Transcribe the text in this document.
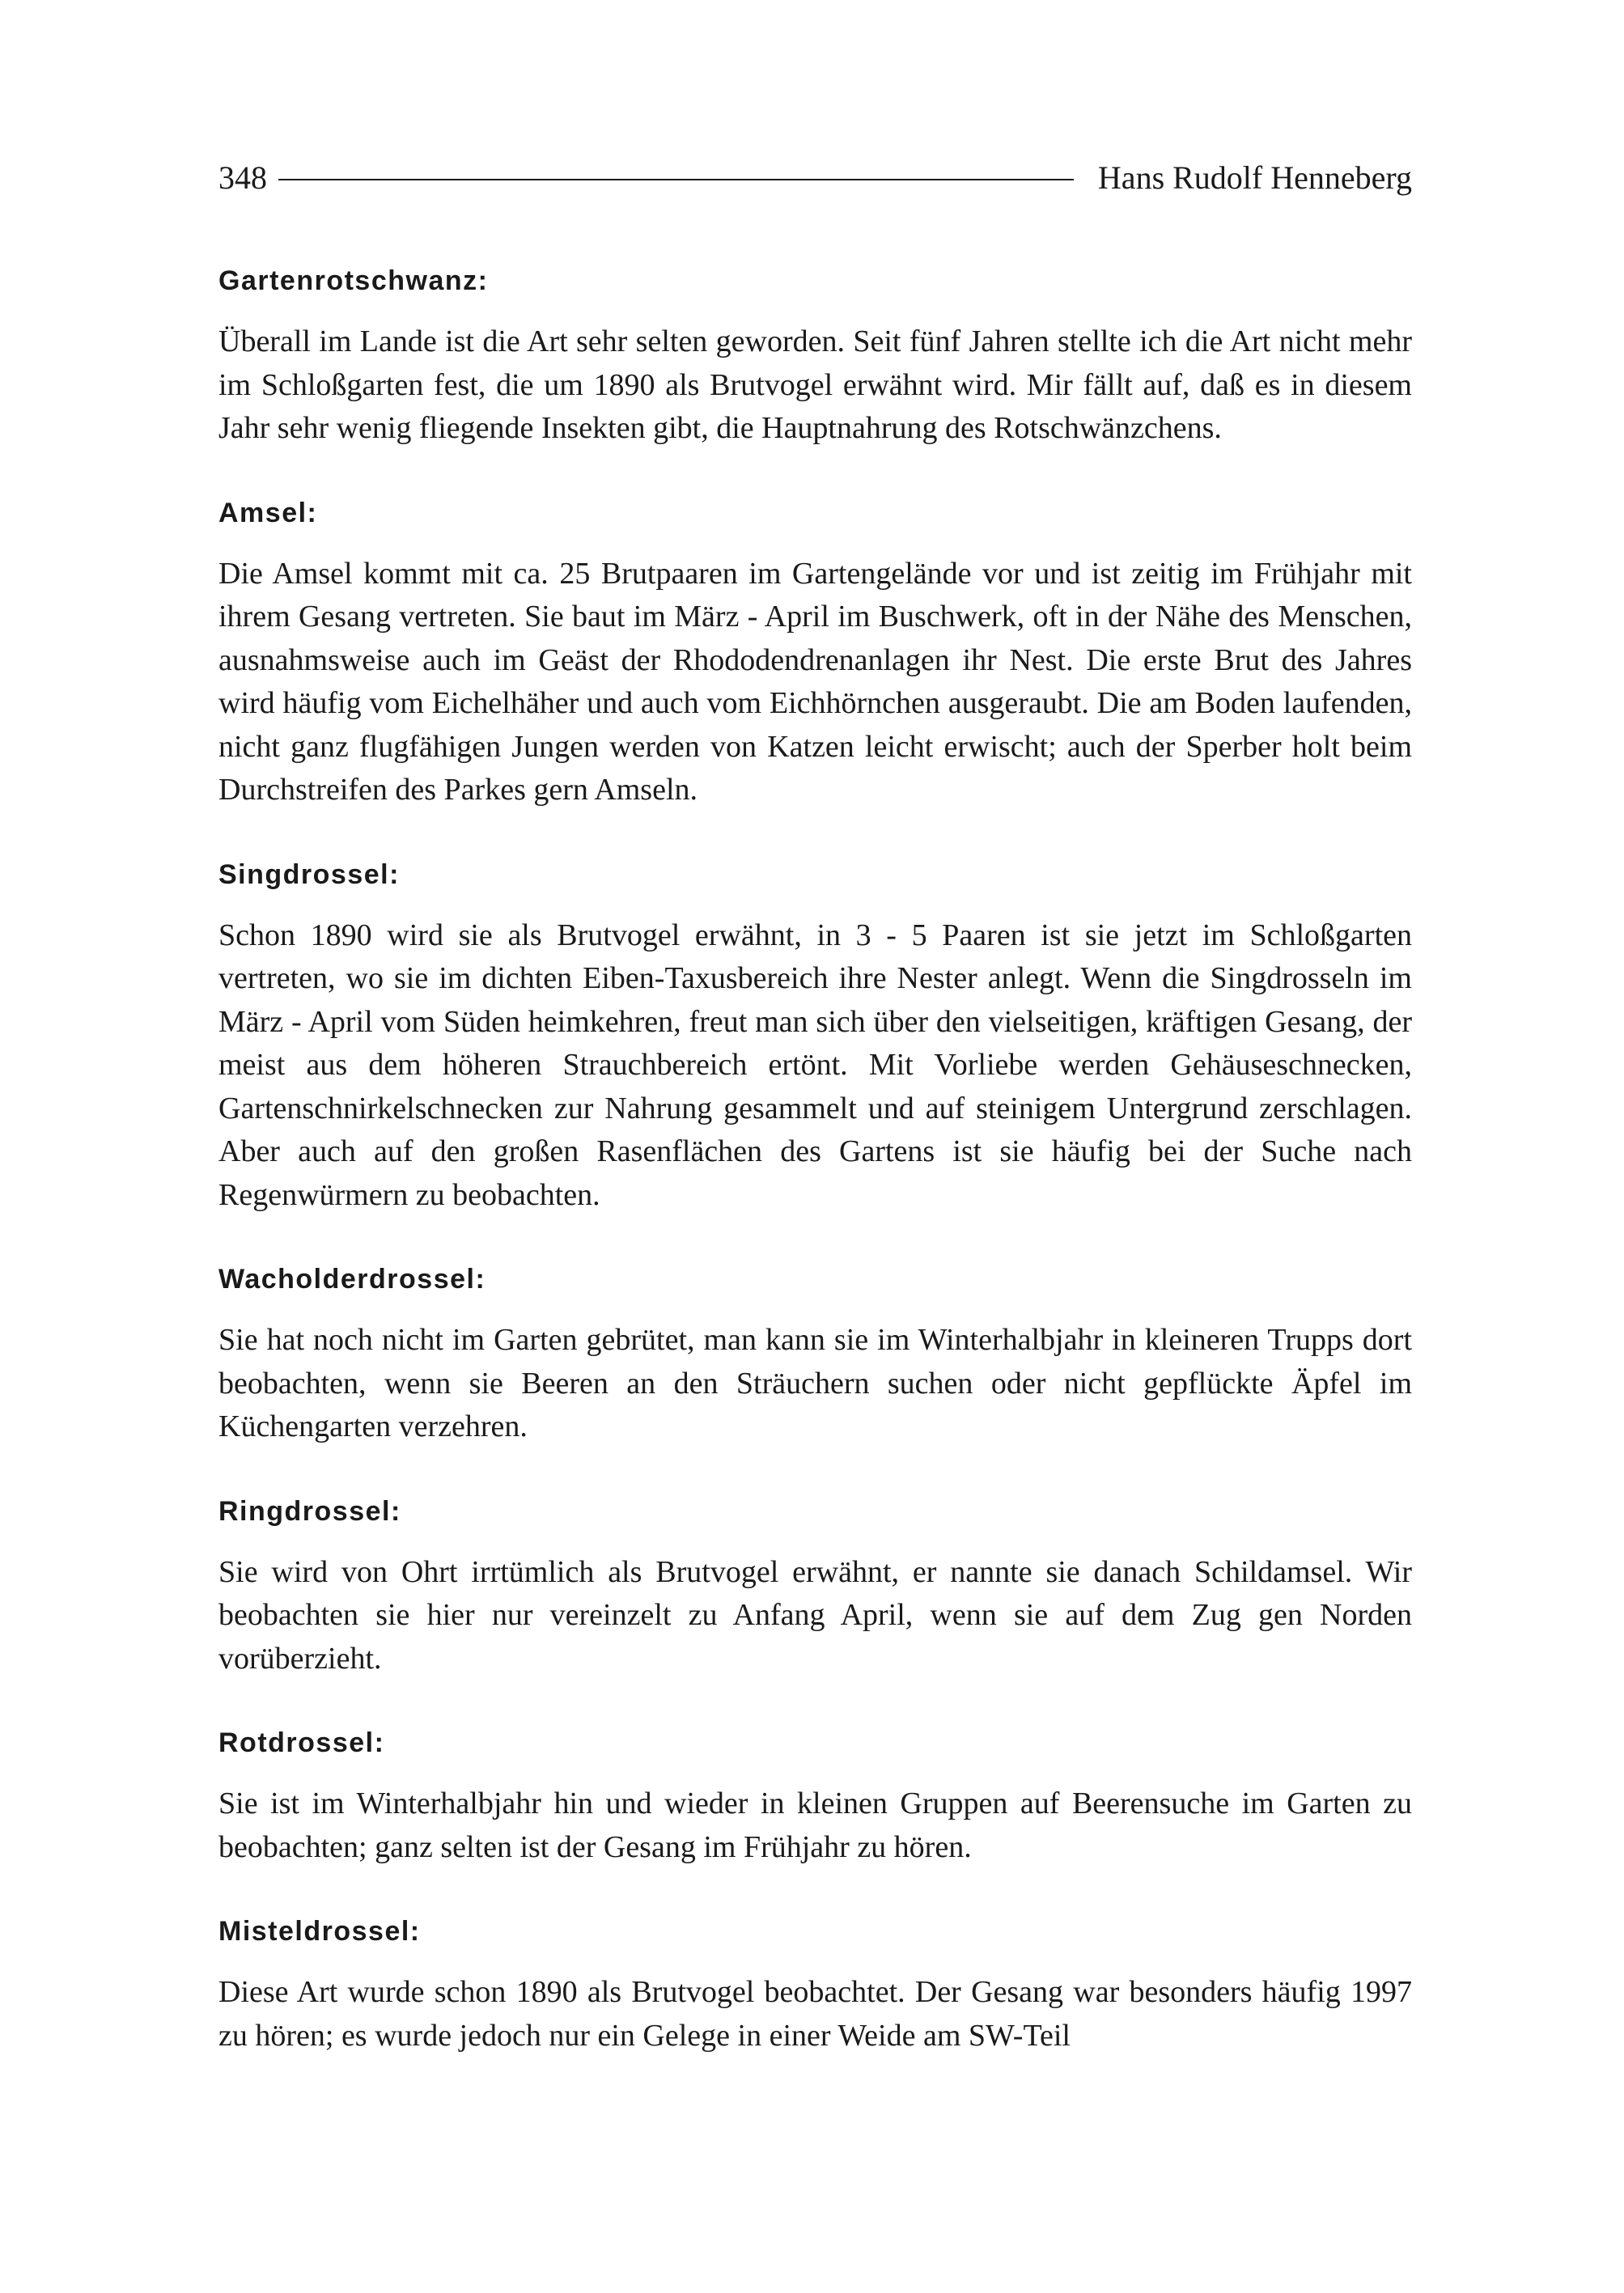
348	Hans Rudolf Henneberg
Gartenrotschwanz:

Überall im Lande ist die Art sehr selten geworden. Seit fünf Jahren stellte ich die Art nicht mehr im Schloßgarten fest, die um 1890 als Brutvogel erwähnt wird. Mir fällt auf, daß es in diesem Jahr sehr wenig fliegende Insekten gibt, die Hauptnahrung des Rotschwänzchens.

Amsel:

Die Amsel kommt mit ca. 25 Brutpaaren im Gartengelände vor und ist zeitig im Frühjahr mit ihrem Gesang vertreten. Sie baut im März - April im Buschwerk, oft in der Nähe des Menschen, ausnahmsweise auch im Geäst der Rhododendrenanlagen ihr Nest. Die erste Brut des Jahres wird häufig vom Eichelhäher und auch vom Eichhörnchen ausgeraubt. Die am Boden laufenden, nicht ganz flugfähigen Jungen werden von Katzen leicht erwischt; auch der Sperber holt beim Durchstreifen des Parkes gern Amseln.

Singdrossel:

Schon 1890 wird sie als Brutvogel erwähnt, in 3 - 5 Paaren ist sie jetzt im Schloßgarten vertreten, wo sie im dichten Eiben-Taxusbereich ihre Nester anlegt. Wenn die Singdrosseln im März - April vom Süden heimkehren, freut man sich über den vielseitigen, kräftigen Gesang, der meist aus dem höheren Strauchbereich ertönt. Mit Vorliebe werden Gehäuseschnecken, Gartenschnirkelschnecken zur Nahrung gesammelt und auf steinigem Untergrund zerschlagen. Aber auch auf den großen Rasenflächen des Gartens ist sie häufig bei der Suche nach Regenwürmern zu beobachten.

Wacholderdrossel:

Sie hat noch nicht im Garten gebrütet, man kann sie im Winterhalbjahr in kleineren Trupps dort beobachten, wenn sie Beeren an den Sträuchern suchen oder nicht gepflückte Äpfel im Küchengarten verzehren.

Ringdrossel:

Sie wird von Ohrt irrtümlich als Brutvogel erwähnt, er nannte sie danach Schildamsel. Wir beobachten sie hier nur vereinzelt zu Anfang April, wenn sie auf dem Zug gen Norden vorüberzieht.

Rotdrossel:

Sie ist im Winterhalbjahr hin und wieder in kleinen Gruppen auf Beerensuche im Garten zu beobachten; ganz selten ist der Gesang im Frühjahr zu hören.

Misteldrossel:

Diese Art wurde schon 1890 als Brutvogel beobachtet. Der Gesang war besonders häufig 1997 zu hören; es wurde jedoch nur ein Gelege in einer Weide am SW-Teil
